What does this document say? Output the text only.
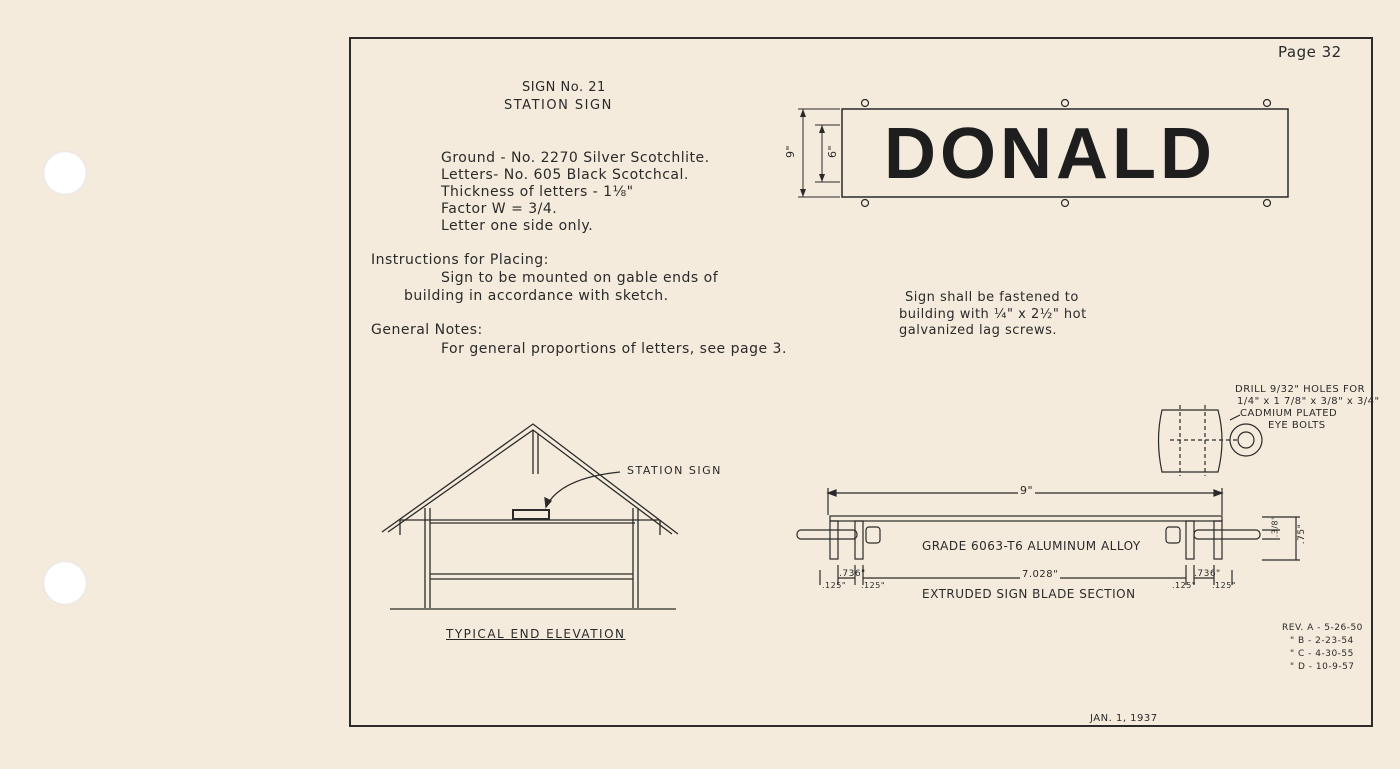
Page 32
SIGN No. 21
STATION SIGN
Ground - No. 2270 Silver Scotchlite.
Letters- No. 605 Black Scotchcal.
Thickness of letters - 1⅛"
Factor W = 3/4.
Letter one side only.
Instructions for Placing:
Sign to be mounted on gable ends of
building in accordance with sketch.
General Notes:
For general proportions of letters, see page 3.
DONALD
9"	6"
Sign shall be fastened to
building with ¼" x 2½" hot
galvanized lag screws.
DRILL 9/32" HOLES FOR
1/4" x 1 7/8" x 3/8" x 3/4"
CADMIUM PLATED
EYE BOLTS
STATION SIGN
TYPICAL END ELEVATION
9"
GRADE 6063-T6 ALUMINUM ALLOY
EXTRUDED SIGN BLADE SECTION
7.028"
.736"	.736"
.125" .125"	.125" .125"
.75"
.3/8"
REV. A - 5-26-50
" B - 2-23-54
" C - 4-30-55
" D - 10-9-57
JAN. 1, 1937
